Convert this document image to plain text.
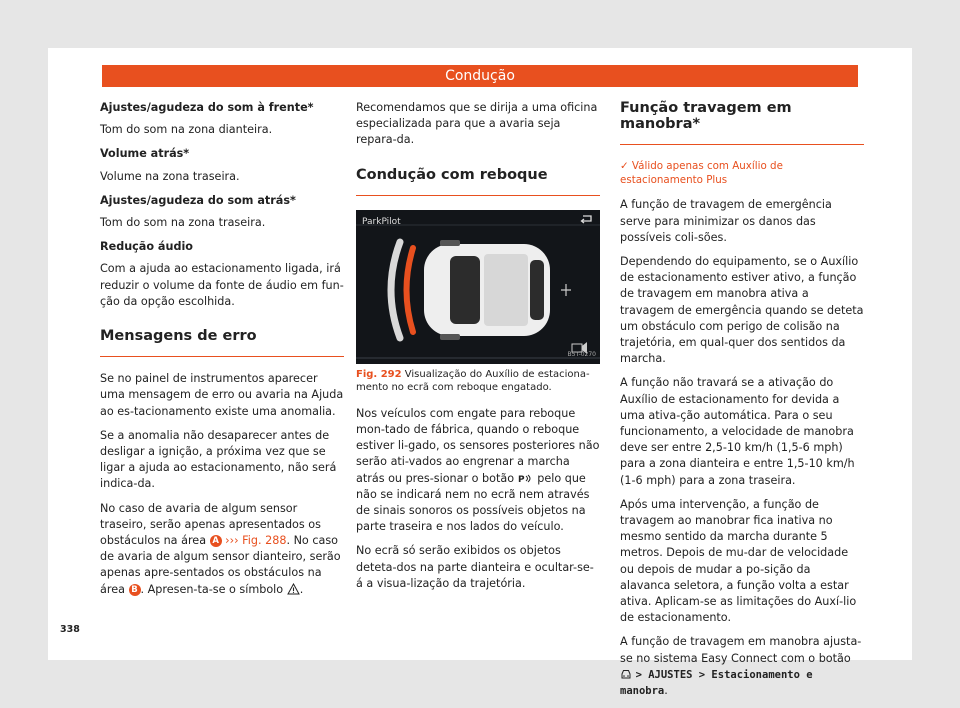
Condução
Ajustes/agudeza do som à frente*
Tom do som na zona dianteira.
Volume atrás*
Volume na zona traseira.
Ajustes/agudeza do som atrás*
Tom do som na zona traseira.
Redução áudio
Com a ajuda ao estacionamento ligada, irá reduzir o volume da fonte de áudio em fun-ção da opção escolhida.
Mensagens de erro
Se no painel de instrumentos aparecer uma mensagem de erro ou avaria na Ajuda ao es-tacionamento existe uma anomalia.
Se a anomalia não desaparecer antes de desligar a ignição, a próxima vez que se ligar a ajuda ao estacionamento, não será indica-da.
No caso de avaria de algum sensor traseiro, serão apenas apresentados os obstáculos na área A ››› Fig. 288. No caso de avaria de algum sensor dianteiro, serão apenas apre-sentados os obstáculos na área B . Apresen-ta-se o símbolo .
Recomendamos que se dirija a uma oficina especializada para que a avaria seja repara-da.
Condução com reboque
ParkPilot
B5T-0270
Fig. 292 Visualização do Auxílio de estaciona-mento no ecrã com reboque engatado.
Nos veículos com engate para reboque mon-tado de fábrica, quando o reboque estiver li-gado, os sensores posteriores não serão ati-vados ao engrenar a marcha atrás ou pres-sionar o botão P pelo que não se indicará nem no ecrã nem através de sinais sonoros os possíveis objetos na parte traseira e nos lados do veículo.
No ecrã só serão exibidos os objetos deteta-dos na parte dianteira e ocultar-se-á a visua-lização da trajetória.
Função travagem em manobra*
✓ Válido apenas com Auxílio de estacionamento Plus
A função de travagem de emergência serve para minimizar os danos das possíveis coli-sões.
Dependendo do equipamento, se o Auxílio de estacionamento estiver ativo, a função de travagem em manobra ativa a travagem de emergência quando se deteta um obstáculo com perigo de colisão na trajetória, em qual-quer dos sentidos da marcha.
A função não travará se a ativação do Auxílio de estacionamento for devida a uma ativa-ção automática. Para o seu funcionamento, a velocidade de manobra deve ser entre 2,5-10 km/h (1,5-6 mph) para a zona dianteira e entre 1,5-10 km/h (1-6 mph) para a zona traseira.
Após uma intervenção, a função de travagem ao manobrar fica inativa no mesmo sentido da marcha durante 5 metros. Depois de mu-dar de velocidade ou depois de mudar a po-sição da alavanca seletora, a função volta a estar ativa. Aplicam-se as limitações do Auxí-lio de estacionamento.
A função de travagem em manobra ajusta-se no sistema Easy Connect com o botão  > AJUSTES > Estacionamento e manobra.
338
